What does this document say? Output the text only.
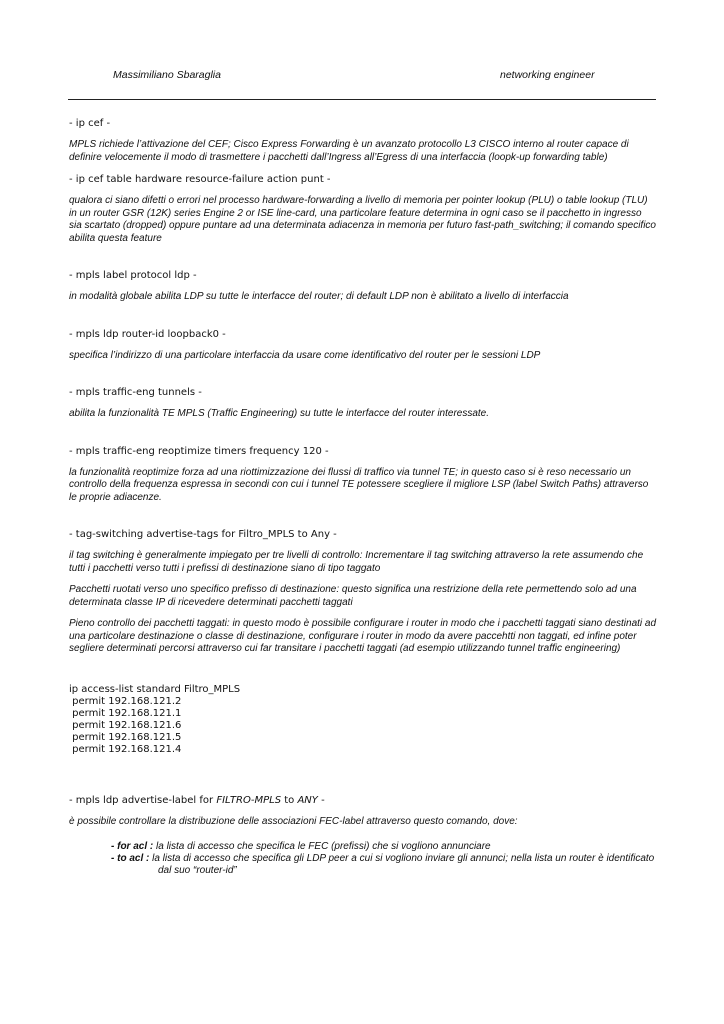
Massimiliano Sbaraglia	networking engineer

- ip cef -

MPLS richiede l’attivazione del CEF; Cisco Express Forwarding è un avanzato protocollo L3 CISCO interno al router capace di definire velocemente il modo di trasmettere i pacchetti dall’Ingress all’Egress di una interfaccia (loopk-up forwarding table)

- ip cef table hardware resource-failure action punt -

qualora ci siano difetti o errori nel processo hardware-forwarding a livello di memoria per pointer lookup (PLU) o table lookup (TLU) in un router GSR (12K) series Engine 2 or ISE line-card, una particolare feature determina in ogni caso se il pacchetto in ingresso sia scartato (dropped) oppure puntare ad una determinata adiacenza in memoria per futuro fast-path_switching; il comando specifico abilita questa feature

- mpls label protocol ldp -

in modalità globale abilita LDP su tutte le interfacce del router; di default LDP non è abilitato a livello di interfaccia

- mpls ldp router-id loopback0 -

specifica l’indirizzo di una particolare interfaccia da usare come identificativo del router per le sessioni LDP

- mpls traffic-eng tunnels -

abilita la funzionalità TE MPLS (Traffic Engineering) su tutte le interfacce del router interessate.

- mpls traffic-eng reoptimize timers frequency 120 -

la funzionalità reoptimize forza ad una riottimizzazione dei flussi di traffico via tunnel TE; in questo caso si è reso necessario un controllo della frequenza espressa in secondi con cui i tunnel TE potessere scegliere il migliore LSP (label Switch Paths) attraverso le proprie adiacenze.

- tag-switching advertise-tags for Filtro_MPLS to Any -

il tag switching è generalmente impiegato per tre livelli di controllo: Incrementare il tag switching attraverso la rete assumendo che tutti i pacchetti verso tutti i prefissi di destinazione siano di tipo taggato

Pacchetti ruotati verso uno specifico prefisso di destinazione: questo significa una restrizione della rete permettendo solo ad una determinata classe IP di ricevedere determinati pacchetti taggati

Pieno controllo dei pacchetti taggati: in questo modo è possibile configurare i router in modo che i pacchetti taggati siano destinati ad una particolare destinazione o classe di destinazione, configurare i router in modo da avere paccehtti non taggati, ed infine poter segliere determinati percorsi attraverso cui far transitare i pacchetti taggati (ad esempio utilizzando tunnel traffic engineering)

ip access-list standard Filtro_MPLS

permit 192.168.121.2

permit 192.168.121.1

permit 192.168.121.6

permit 192.168.121.5

permit 192.168.121.4

- mpls ldp advertise-label for FILTRO-MPLS to ANY -

è possibile controllare la distribuzione delle associazioni FEC-label attraverso questo comando, dove:

- for acl : la lista di accesso che specifica le FEC (prefissi) che si vogliono annunciare
- to acl : la lista di accesso che specifica gli LDP peer a cui si vogliono inviare gli annunci; nella lista un router è identificato dal suo “router-id”
